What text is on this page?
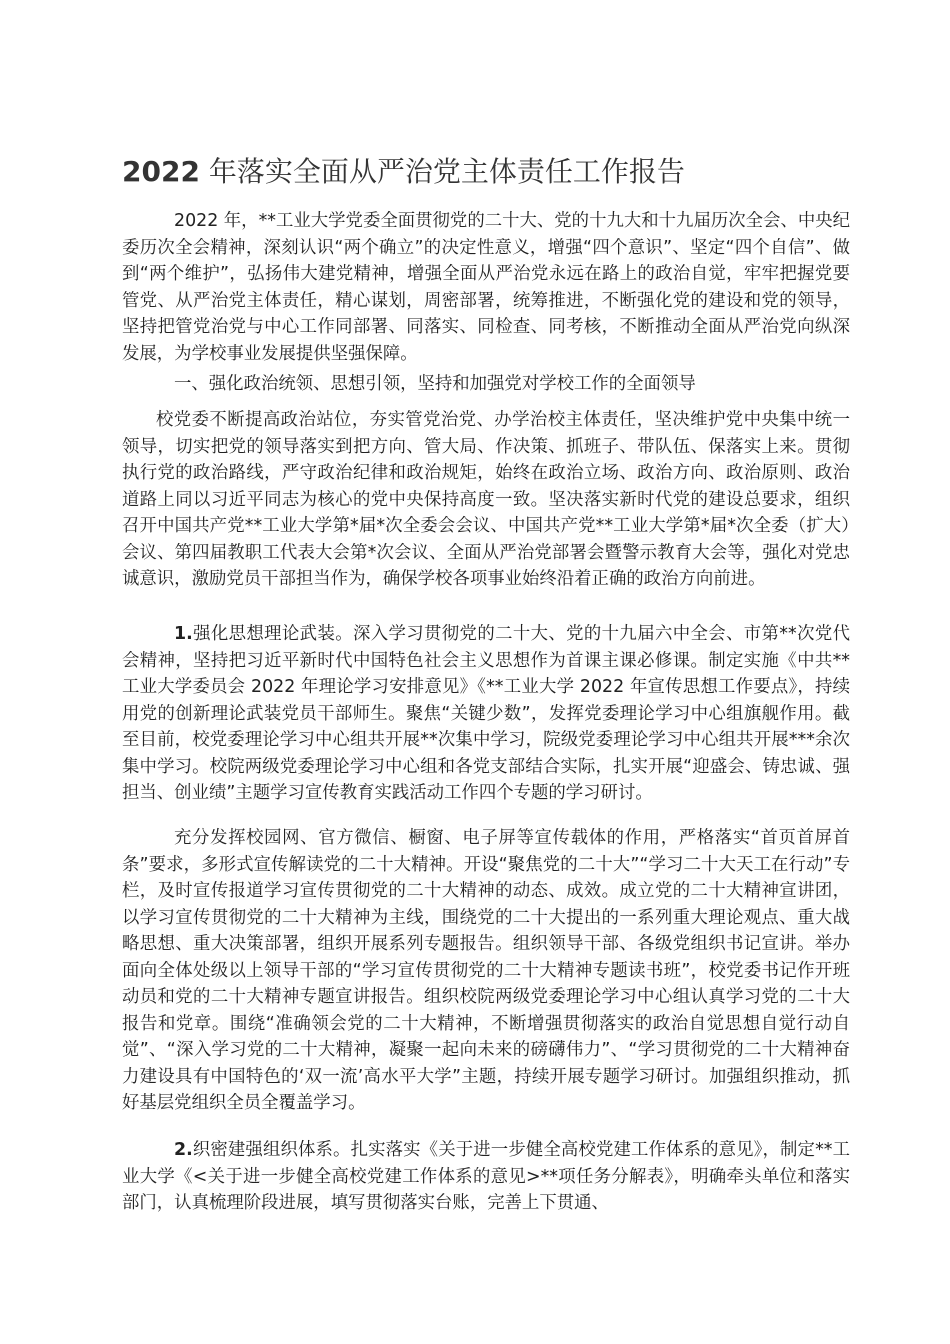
2022 年落实全面从严治党主体责任工作报告

2022 年，**工业大学党委全面贯彻党的二十大、党的十九大和十九届历次全会、中央纪委历次全会精神，深刻认识“两个确立”的决定性意义，增强“四个意识”、坚定“四个自信”、做到“两个维护”，弘扬伟大建党精神，增强全面从严治党永远在路上的政治自觉，牢牢把握党要管党、从严治党主体责任，精心谋划，周密部署，统筹推进，不断强化党的建设和党的领导，坚持把管党治党与中心工作同部署、同落实、同检查、同考核，不断推动全面从严治党向纵深发展，为学校事业发展提供坚强保障。

一、强化政治统领、思想引领，坚持和加强党对学校工作的全面领导

校党委不断提高政治站位，夯实管党治党、办学治校主体责任，坚决维护党中央集中统一领导，切实把党的领导落实到把方向、管大局、作决策、抓班子、带队伍、保落实上来。贯彻执行党的政治路线，严守政治纪律和政治规矩，始终在政治立场、政治方向、政治原则、政治道路上同以习近平同志为核心的党中央保持高度一致。坚决落实新时代党的建设总要求，组织召开中国共产党**工业大学第*届*次全委会会议、中国共产党**工业大学第*届*次全委（扩大）会议、第四届教职工代表大会第*次会议、全面从严治党部署会暨警示教育大会等，强化对党忠诚意识，激励党员干部担当作为，确保学校各项事业始终沿着正确的政治方向前进。

1.强化思想理论武装。深入学习贯彻党的二十大、党的十九届六中全会、市第**次党代会精神，坚持把习近平新时代中国特色社会主义思想作为首课主课必修课。制定实施《中共**工业大学委员会 2022 年理论学习安排意见》《**工业大学 2022 年宣传思想工作要点》，持续用党的创新理论武装党员干部师生。聚焦“关键少数”，发挥党委理论学习中心组旗舰作用。截至目前，校党委理论学习中心组共开展**次集中学习，院级党委理论学习中心组共开展***余次集中学习。校院两级党委理论学习中心组和各党支部结合实际，扎实开展“迎盛会、铸忠诚、强担当、创业绩”主题学习宣传教育实践活动工作四个专题的学习研讨。

充分发挥校园网、官方微信、橱窗、电子屏等宣传载体的作用，严格落实“首页首屏首条”要求，多形式宣传解读党的二十大精神。开设“聚焦党的二十大”“学习二十大天工在行动”专栏，及时宣传报道学习宣传贯彻党的二十大精神的动态、成效。成立党的二十大精神宣讲团，以学习宣传贯彻党的二十大精神为主线，围绕党的二十大提出的一系列重大理论观点、重大战略思想、重大决策部署，组织开展系列专题报告。组织领导干部、各级党组织书记宣讲。举办面向全体处级以上领导干部的“学习宣传贯彻党的二十大精神专题读书班”，校党委书记作开班动员和党的二十大精神专题宣讲报告。组织校院两级党委理论学习中心组认真学习党的二十大报告和党章。围绕“准确领会党的二十大精神，不断增强贯彻落实的政治自觉思想自觉行动自觉”、“深入学习党的二十大精神，凝聚一起向未来的磅礴伟力”、“学习贯彻党的二十大精神奋力建设具有中国特色的‘双一流’高水平大学”主题，持续开展专题学习研讨。加强组织推动，抓好基层党组织全员全覆盖学习。

2.织密建强组织体系。扎实落实《关于进一步健全高校党建工作体系的意见》，制定**工业大学《<关于进一步健全高校党建工作体系的意见>**项任务分解表》，明确牵头单位和落实部门，认真梳理阶段进展，填写贯彻落实台账，完善上下贯通、
